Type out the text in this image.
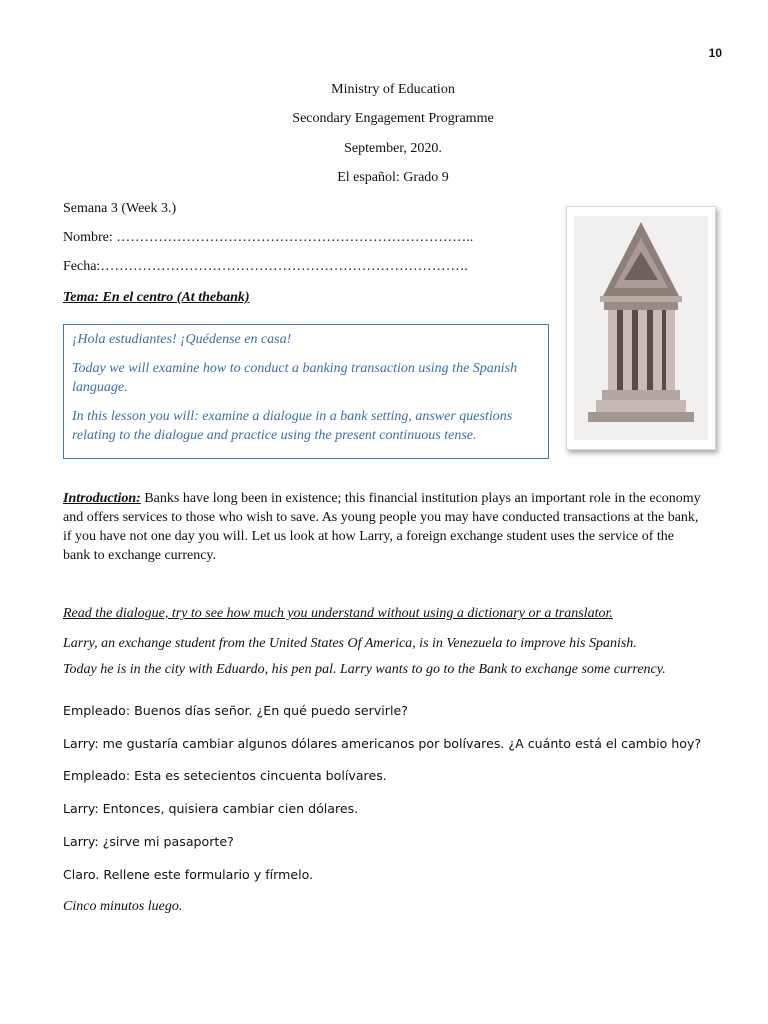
10
Ministry of Education
Secondary Engagement Programme
September, 2020.
El español: Grado 9
Semana 3 (Week 3.)
Nombre: …………………………………………………………………..
Fecha:…………………………………………………………………….
Tema: En el centro (At thebank)

¡Hola estudiantes! ¡Quédense en casa!

Today we will examine how to conduct a banking transaction using the Spanish language.

In this lesson you will: examine a dialogue in a bank setting, answer questions relating to the dialogue and practice using the present continuous tense.

Introduction: Banks have long been in existence; this financial institution plays an important role in the economy and offers services to those who wish to save. As young people you may have conducted transactions at the bank, if you have not one day you will. Let us look at how Larry, a foreign exchange student uses the service of the bank to exchange currency.
Read the dialogue, try to see how much you understand without using a dictionary or a translator.
Larry, an exchange student from the United States Of America, is in Venezuela to improve his Spanish.
Today he is in the city with Eduardo, his pen pal. Larry wants to go to the Bank to exchange some currency.
Empleado: Buenos días señor. ¿En qué puedo servirle?
Larry: me gustaría cambiar algunos dólares americanos por bolívares. ¿A cuánto está el cambio hoy?
Empleado: Esta es setecientos cincuenta bolívares.
Larry: Entonces, quisiera cambiar cien dólares.
Larry: ¿sirve mi pasaporte?
Claro. Rellene este formulario y fírmelo.
Cinco minutos luego.
